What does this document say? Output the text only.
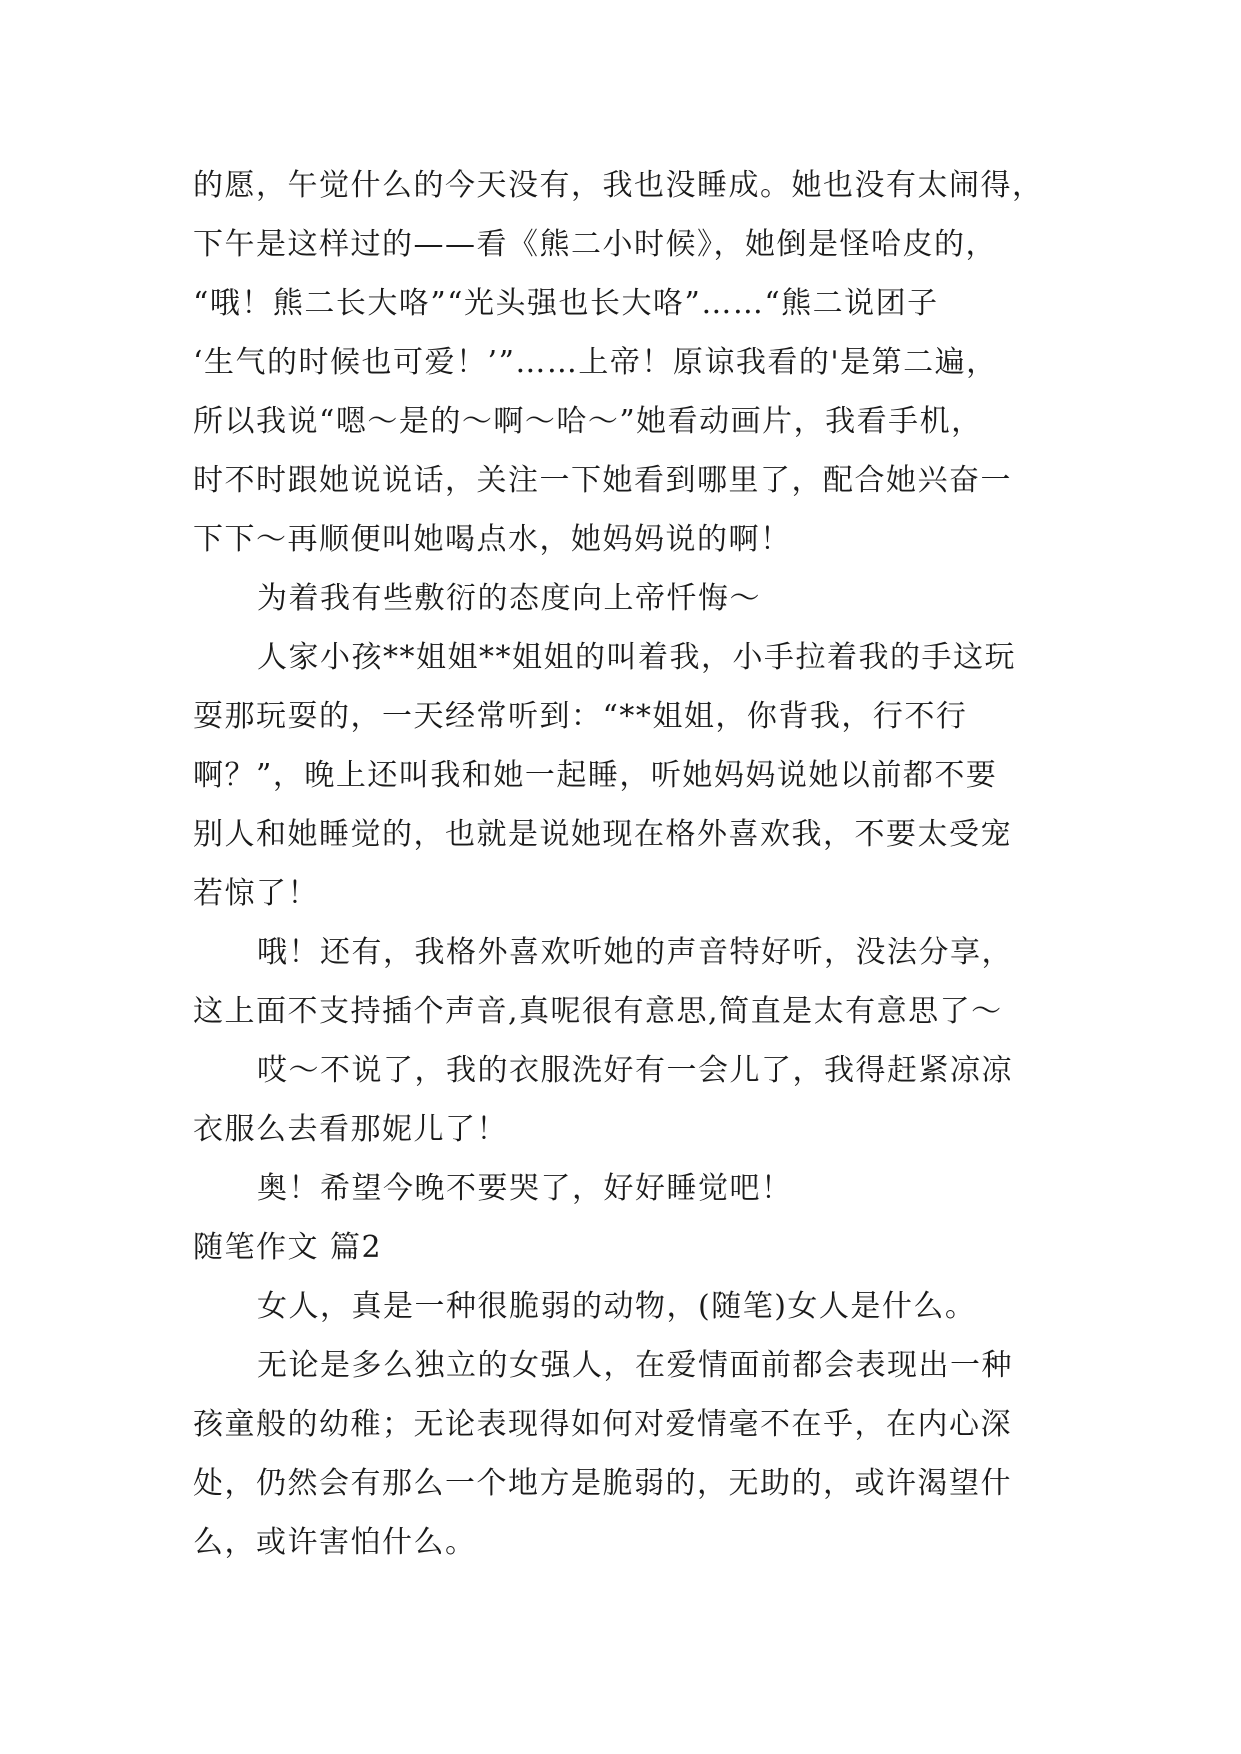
的愿，午觉什么的今天没有，我也没睡成。她也没有太闹得，
下午是这样过的——看《熊二小时候》，她倒是怪哈皮的，
“哦！熊二长大咯”“光头强也长大咯”……“熊二说团子
‘生气的时候也可爱！’”……上帝！原谅我看的'是第二遍，
所以我说“嗯～是的～啊～哈～”她看动画片，我看手机，
时不时跟她说说话，关注一下她看到哪里了，配合她兴奋一
下下～再顺便叫她喝点水，她妈妈说的啊！
为着我有些敷衍的态度向上帝忏悔～
人家小孩**姐姐**姐姐的叫着我，小手拉着我的手这玩
耍那玩耍的，一天经常听到：“**姐姐，你背我，行不行
啊？”，晚上还叫我和她一起睡，听她妈妈说她以前都不要
别人和她睡觉的，也就是说她现在格外喜欢我，不要太受宠
若惊了！
哦！还有，我格外喜欢听她的声音特好听，没法分享，
这上面不支持插个声音,真呢很有意思,简直是太有意思了～
哎～不说了，我的衣服洗好有一会儿了，我得赶紧凉凉
衣服么去看那妮儿了！
奥！希望今晚不要哭了，好好睡觉吧！
随笔作文 篇2
女人，真是一种很脆弱的动物，(随笔)女人是什么。
无论是多么独立的女强人，在爱情面前都会表现出一种
孩童般的幼稚；无论表现得如何对爱情毫不在乎，在内心深
处，仍然会有那么一个地方是脆弱的，无助的，或许渴望什
么，或许害怕什么。
